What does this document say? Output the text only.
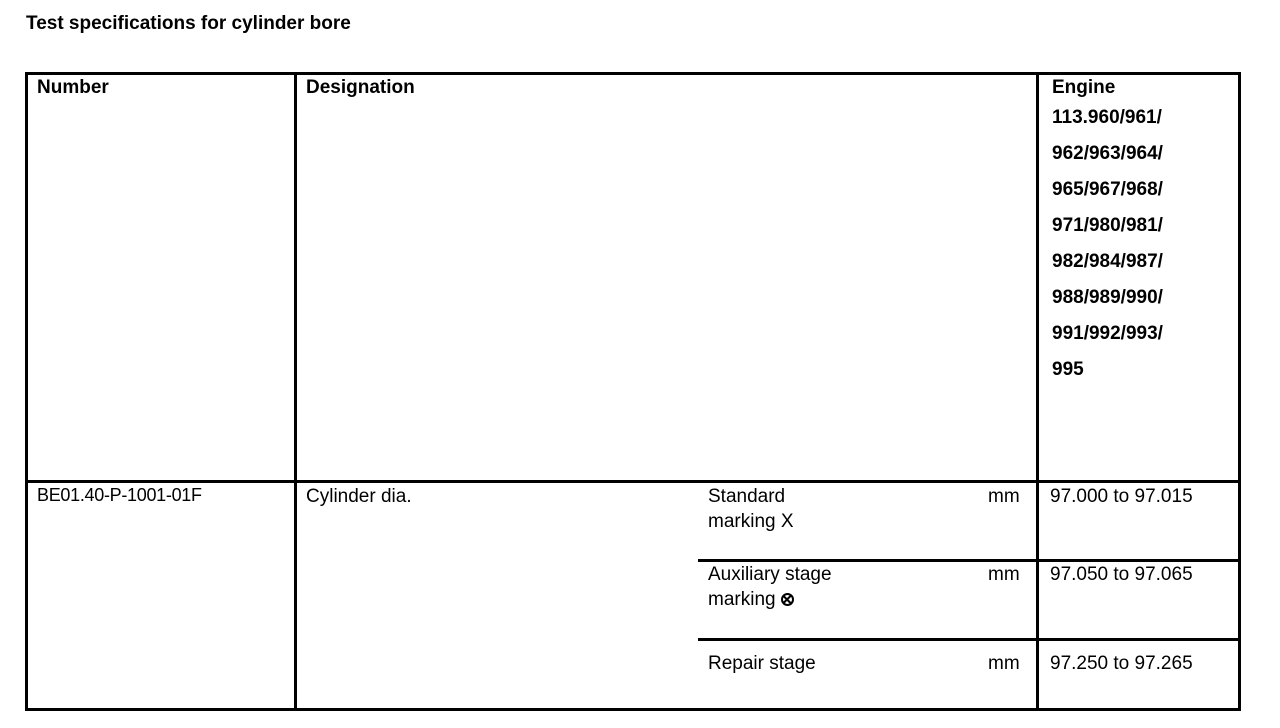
Test specifications for cylinder bore
Number	Designation	Engine
113.960/961/
962/963/964/
965/967/968/
971/980/981/
982/984/987/
988/989/990/
991/992/993/
995
BE01.40-P-1001-01F	Cylinder dia.	Standard
marking X
mm 97.000 to 97.015
Auxiliary stage
marking
mm 97.050 to 97.065
Repair stage	mm 97.250 to 97.265
